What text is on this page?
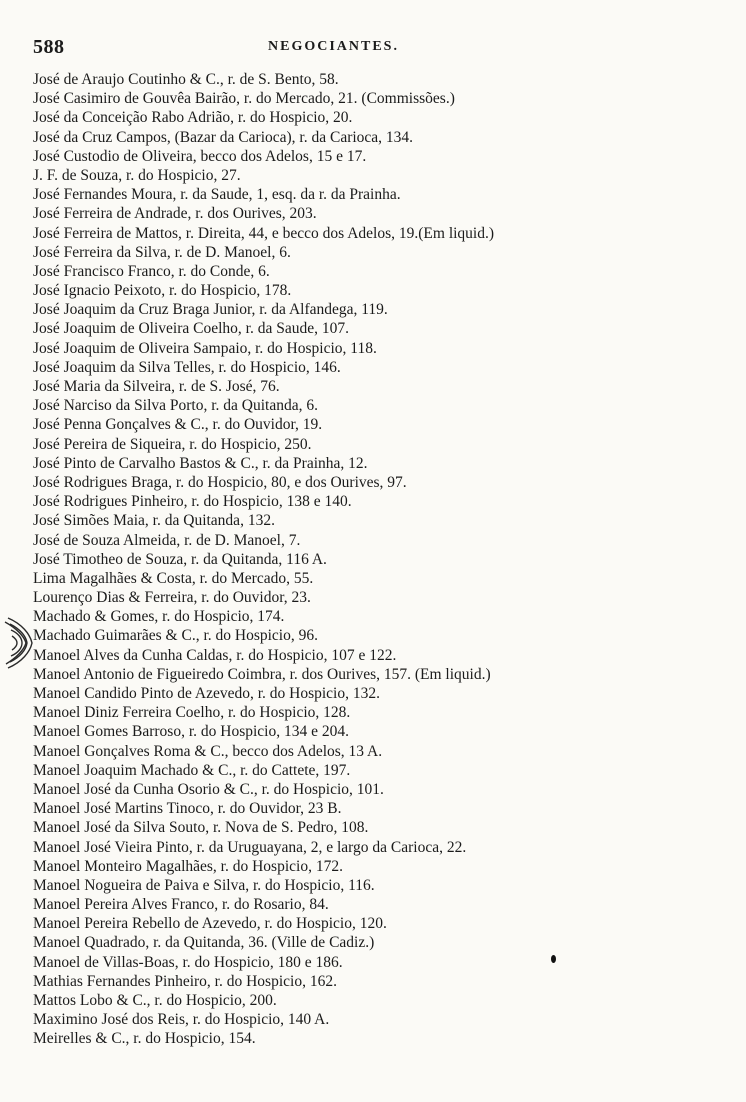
588	NEGOCIANTES.
José de Araujo Coutinho & C., r. de S. Bento, 58.
José Casimiro de Gouvêa Bairão, r. do Mercado, 21. (Commissões.)
José da Conceição Rabo Adrião, r. do Hospicio, 20.
José da Cruz Campos, (Bazar da Carioca), r. da Carioca, 134.
José Custodio de Oliveira, becco dos Adelos, 15 e 17.
J. F. de Souza, r. do Hospicio, 27.
José Fernandes Moura, r. da Saude, 1, esq. da r. da Prainha.
José Ferreira de Andrade, r. dos Ourives, 203.
José Ferreira de Mattos, r. Direita, 44, e becco dos Adelos, 19.(Em liquid.)
José Ferreira da Silva, r. de D. Manoel, 6.
José Francisco Franco, r. do Conde, 6.
José Ignacio Peixoto, r. do Hospicio, 178.
José Joaquim da Cruz Braga Junior, r. da Alfandega, 119.
José Joaquim de Oliveira Coelho, r. da Saude, 107.
José Joaquim de Oliveira Sampaio, r. do Hospicio, 118.
José Joaquim da Silva Telles, r. do Hospicio, 146.
José Maria da Silveira, r. de S. José, 76.
José Narciso da Silva Porto, r. da Quitanda, 6.
José Penna Gonçalves & C., r. do Ouvidor, 19.
José Pereira de Siqueira, r. do Hospicio, 250.
José Pinto de Carvalho Bastos & C., r. da Prainha, 12.
José Rodrigues Braga, r. do Hospicio, 80, e dos Ourives, 97.
José Rodrigues Pinheiro, r. do Hospicio, 138 e 140.
José Simões Maia, r. da Quitanda, 132.
José de Souza Almeida, r. de D. Manoel, 7.
José Timotheo de Souza, r. da Quitanda, 116 A.
Lima Magalhães & Costa, r. do Mercado, 55.
Lourenço Dias & Ferreira, r. do Ouvidor, 23.
Machado & Gomes, r. do Hospicio, 174.
Machado Guimarães & C., r. do Hospicio, 96.
Manoel Alves da Cunha Caldas, r. do Hospicio, 107 e 122.
Manoel Antonio de Figueiredo Coimbra, r. dos Ourives, 157. (Em liquid.)
Manoel Candido Pinto de Azevedo, r. do Hospicio, 132.
Manoel Diniz Ferreira Coelho, r. do Hospicio, 128.
Manoel Gomes Barroso, r. do Hospicio, 134 e 204.
Manoel Gonçalves Roma & C., becco dos Adelos, 13 A.
Manoel Joaquim Machado & C., r. do Cattete, 197.
Manoel José da Cunha Osorio & C., r. do Hospicio, 101.
Manoel José Martins Tinoco, r. do Ouvidor, 23 B.
Manoel José da Silva Souto, r. Nova de S. Pedro, 108.
Manoel José Vieira Pinto, r. da Uruguayana, 2, e largo da Carioca, 22.
Manoel Monteiro Magalhães, r. do Hospicio, 172.
Manoel Nogueira de Paiva e Silva, r. do Hospicio, 116.
Manoel Pereira Alves Franco, r. do Rosario, 84.
Manoel Pereira Rebello de Azevedo, r. do Hospicio, 120.
Manoel Quadrado, r. da Quitanda, 36. (Ville de Cadiz.)
Manoel de Villas-Boas, r. do Hospicio, 180 e 186.
Mathias Fernandes Pinheiro, r. do Hospicio, 162.
Mattos Lobo & C., r. do Hospicio, 200.
Maximino José dos Reis, r. do Hospicio, 140 A.
Meirelles & C., r. do Hospicio, 154.
